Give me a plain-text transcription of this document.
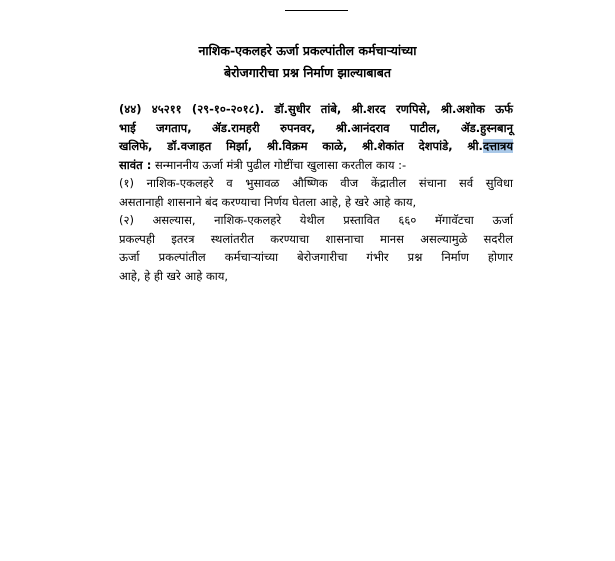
नाशिक-एकलहरे ऊर्जा प्रकल्पांतील कर्मचाऱ्यांच्या
बेरोजगारीचा प्रश्न निर्माण झाल्याबाबत
(४४) ४५२११ (२९-१०-२०१८). डॉ.सुधीर तांबे, श्री.शरद रणपिसे, श्री.अशोक ऊर्फ
भाई जगताप, ॲड.रामहरी रुपनवर, श्री.आनंदराव पाटील, ॲड.हुस्नबानू
खलिफे, डॉ.वजाहत मिर्झा, श्री.विक्रम काळे, श्री.शेकांत देशपांडे, श्री.दत्तात्रय
सावंत : सन्माननीय ऊर्जा मंत्री पुढील गोष्टींचा खुलासा करतील काय :-
(१) नाशिक-एकलहरे व भुसावळ औष्णिक वीज केंद्रातील संचाना सर्व सुविधा
असतानाही शासनाने बंद करण्याचा निर्णय घेतला आहे, हे खरे आहे काय,
(२) असल्यास, नाशिक-एकलहरे येथील प्रस्तावित ६६० मॅगावॅटचा ऊर्जा
प्रकल्पही इतरत्र स्थलांतरीत करण्याचा शासनाचा मानस असल्यामुळे सदरील
ऊर्जा प्रकल्पांतील कर्मचाऱ्यांच्या बेरोजगारीचा गंभीर प्रश्न निर्माण होणार
आहे, हे ही खरे आहे काय,
